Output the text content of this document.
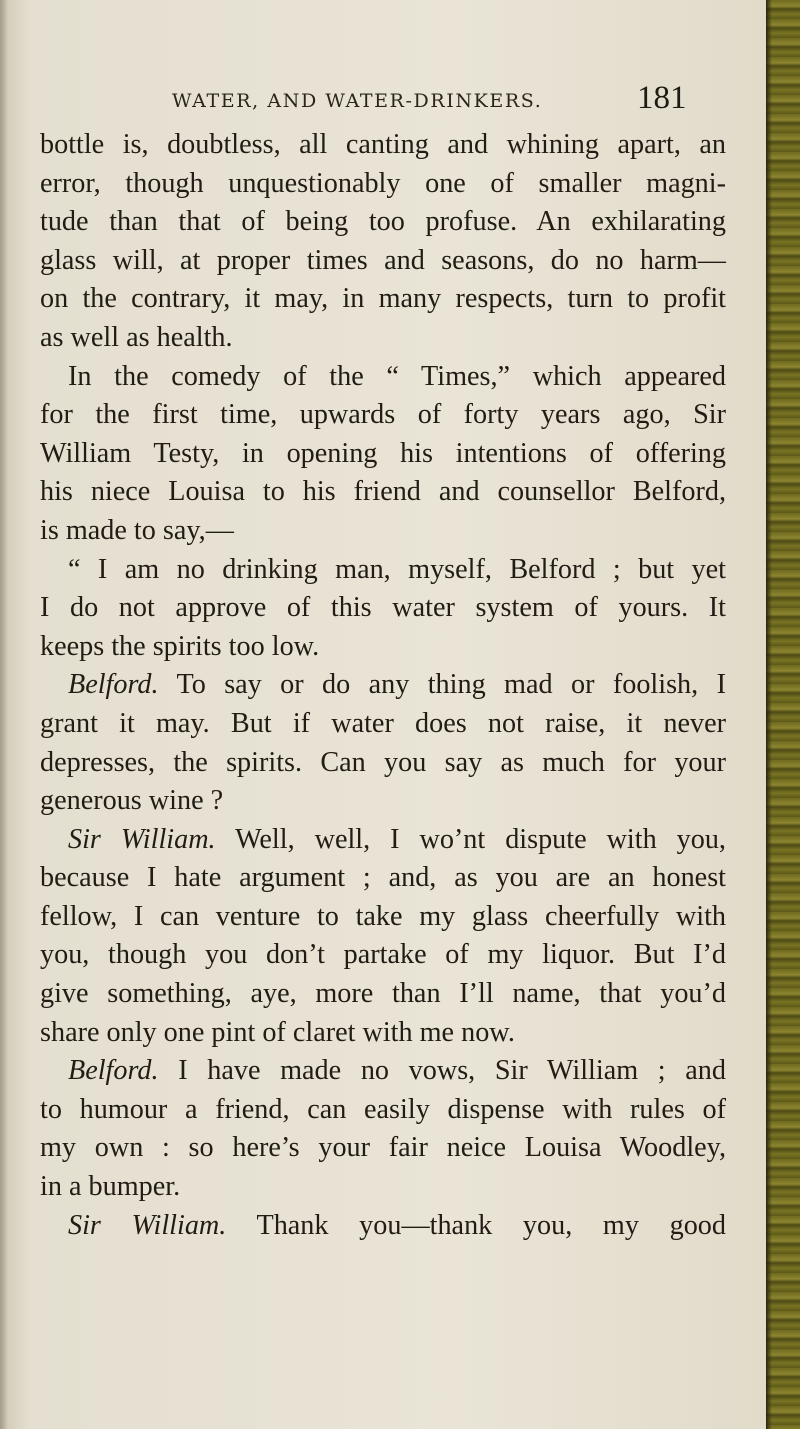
WATER, AND WATER-DRINKERS.	181
bottle is, doubtless, all canting and whining apart, an
error, though unquestionably one of smaller magni-
tude than that of being too profuse. An exhilarating
glass will, at proper times and seasons, do no harm—
on the contrary, it may, in many respects, turn to profit
as well as health.
In the comedy of the “ Times,” which appeared
for the first time, upwards of forty years ago, Sir
William Testy, in opening his intentions of offering
his niece Louisa to his friend and counsellor Belford,
is made to say,—
“ I am no drinking man, myself, Belford ; but yet
I do not approve of this water system of yours. It
keeps the spirits too low.
Belford. To say or do any thing mad or foolish, I
grant it may. But if water does not raise, it never
depresses, the spirits. Can you say as much for your
generous wine ?
Sir William. Well, well, I wo’nt dispute with you,
because I hate argument ; and, as you are an honest
fellow, I can venture to take my glass cheerfully with
you, though you don’t partake of my liquor. But I’d
give something, aye, more than I’ll name, that you’d
share only one pint of claret with me now.
Belford. I have made no vows, Sir William ; and
to humour a friend, can easily dispense with rules of
my own : so here’s your fair neice Louisa Woodley,
in a bumper.
Sir William. Thank you—thank you, my good
